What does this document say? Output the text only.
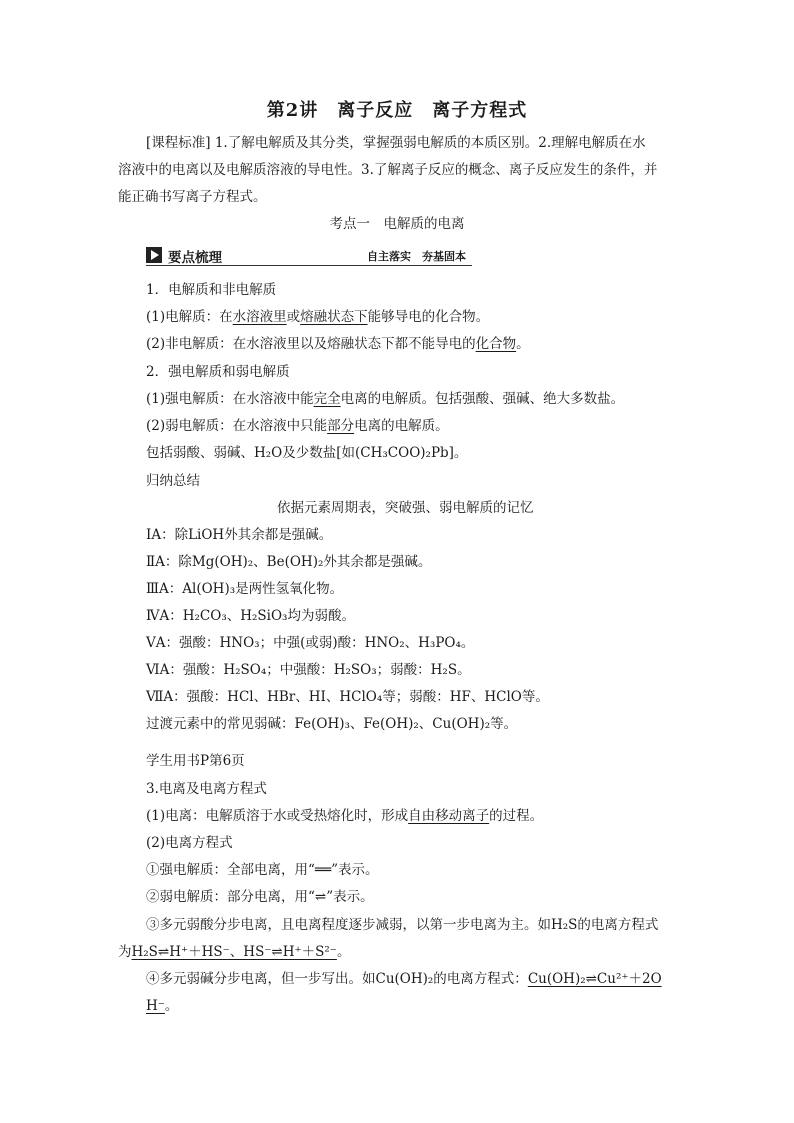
第2讲　离子反应　离子方程式
[课程标准] 1.了解电解质及其分类，掌握强弱电解质的本质区别。2.理解电解质在水
溶液中的电离以及电解质溶液的导电性。3.了解离子反应的概念、离子反应发生的条件，并
能正确书写离子方程式。
考点一　电解质的电离
要点梳理	自主落实　夯基固本
1．电解质和非电解质
(1)电解质：在水溶液里或熔融状态下能够导电的化合物。
(2)非电解质：在水溶液里以及熔融状态下都不能导电的化合物。
2．强电解质和弱电解质
(1)强电解质：在水溶液中能完全电离的电解质。包括强酸、强碱、绝大多数盐。
(2)弱电解质：在水溶液中只能部分电离的电解质。
包括弱酸、弱碱、H₂O及少数盐[如(CH₃COO)₂Pb]。
归纳总结
依据元素周期表，突破强、弱电解质的记忆
ⅠA：除LiOH外其余都是强碱。
ⅡA：除Mg(OH)₂、Be(OH)₂外其余都是强碱。
ⅢA：Al(OH)₃是两性氢氧化物。
ⅣA：H₂CO₃、H₂SiO₃均为弱酸。
ⅤA：强酸：HNO₃；中强(或弱)酸：HNO₂、H₃PO₄。
ⅥA：强酸：H₂SO₄；中强酸：H₂SO₃；弱酸：H₂S。
ⅦA：强酸：HCl、HBr、HI、HClO₄等；弱酸：HF、HClO等。
过渡元素中的常见弱碱：Fe(OH)₃、Fe(OH)₂、Cu(OH)₂等。
学生用书P第6页
3.电离及电离方程式
(1)电离：电解质溶于水或受热熔化时，形成自由移动离子的过程。
(2)电离方程式
①强电解质：全部电离，用“══”表示。
②弱电解质：部分电离，用“⇌”表示。
③多元弱酸分步电离，且电离程度逐步减弱，以第一步电离为主。如H₂S的电离方程式
为H₂S⇌H⁺＋HS⁻、HS⁻⇌H⁺＋S²⁻。
④多元弱碱分步电离，但一步写出。如Cu(OH)₂的电离方程式：Cu(OH)₂⇌Cu²⁺＋2O
H⁻。
